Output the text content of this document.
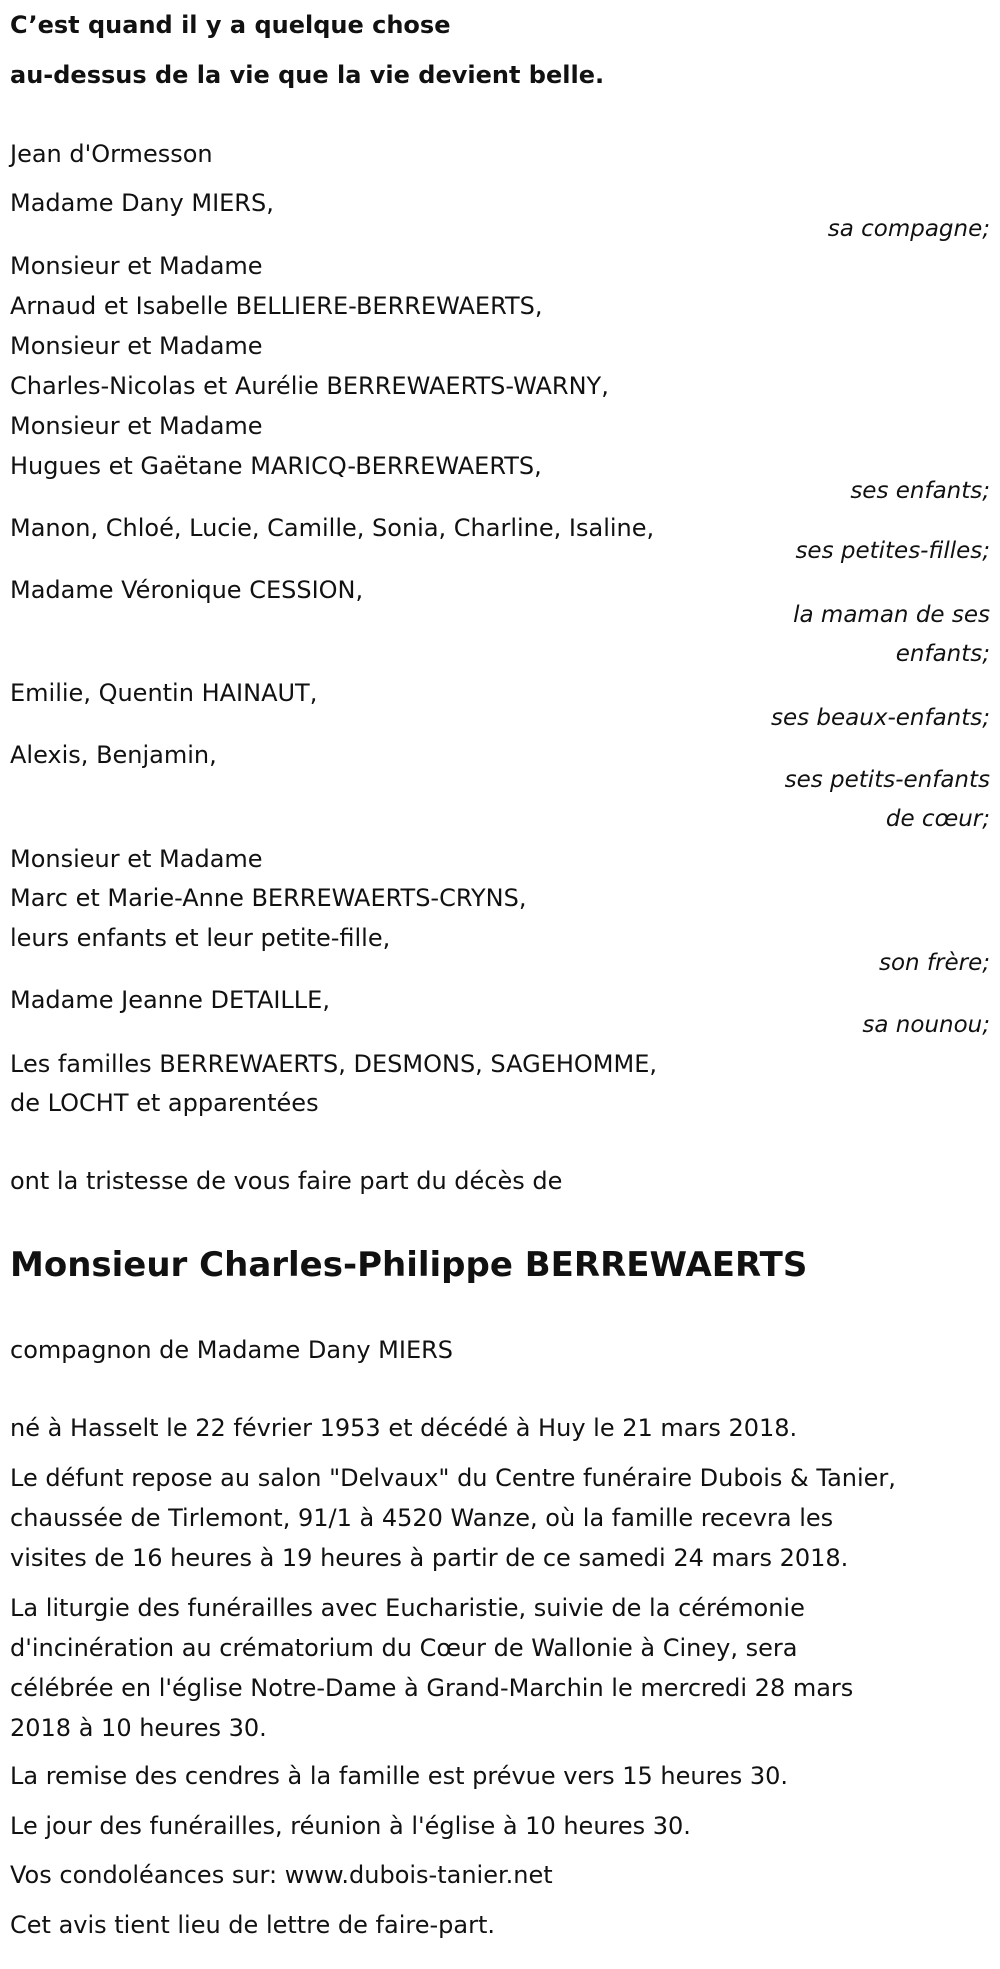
C’est quand il y a quelque chose
au-dessus de la vie que la vie devient belle.
Jean d'Ormesson
Madame Dany MIERS,
sa compagne;
Monsieur et Madame
Arnaud et Isabelle BELLIERE-BERREWAERTS,
Monsieur et Madame
Charles-Nicolas et Aurélie BERREWAERTS-WARNY,
Monsieur et Madame
Hugues et Gaëtane MARICQ-BERREWAERTS,
ses enfants;
Manon, Chloé, Lucie, Camille, Sonia, Charline, Isaline,
ses petites-filles;
Madame Véronique CESSION,
la maman de ses
enfants;
Emilie, Quentin HAINAUT,
ses beaux-enfants;
Alexis, Benjamin,
ses petits-enfants
de cœur;
Monsieur et Madame
Marc et Marie-Anne BERREWAERTS-CRYNS,
leurs enfants et leur petite-fille,
son frère;
Madame Jeanne DETAILLE,
sa nounou;
Les familles BERREWAERTS, DESMONS, SAGEHOMME,
de LOCHT et apparentées
ont la tristesse de vous faire part du décès de
Monsieur Charles-Philippe BERREWAERTS
compagnon de Madame Dany MIERS
né à Hasselt le 22 février 1953 et décédé à Huy le 21 mars 2018.
Le défunt repose au salon "Delvaux" du Centre funéraire Dubois & Tanier,
chaussée de Tirlemont, 91/1 à 4520 Wanze, où la famille recevra les
visites de 16 heures à 19 heures à partir de ce samedi 24 mars 2018.
La liturgie des funérailles avec Eucharistie, suivie de la cérémonie
d'incinération au crématorium du Cœur de Wallonie à Ciney, sera
célébrée en l'église Notre-Dame à Grand-Marchin le mercredi 28 mars
2018 à 10 heures 30.
La remise des cendres à la famille est prévue vers 15 heures 30.
Le jour des funérailles, réunion à l'église à 10 heures 30.
Vos condoléances sur: www.dubois-tanier.net
Cet avis tient lieu de lettre de faire-part.
